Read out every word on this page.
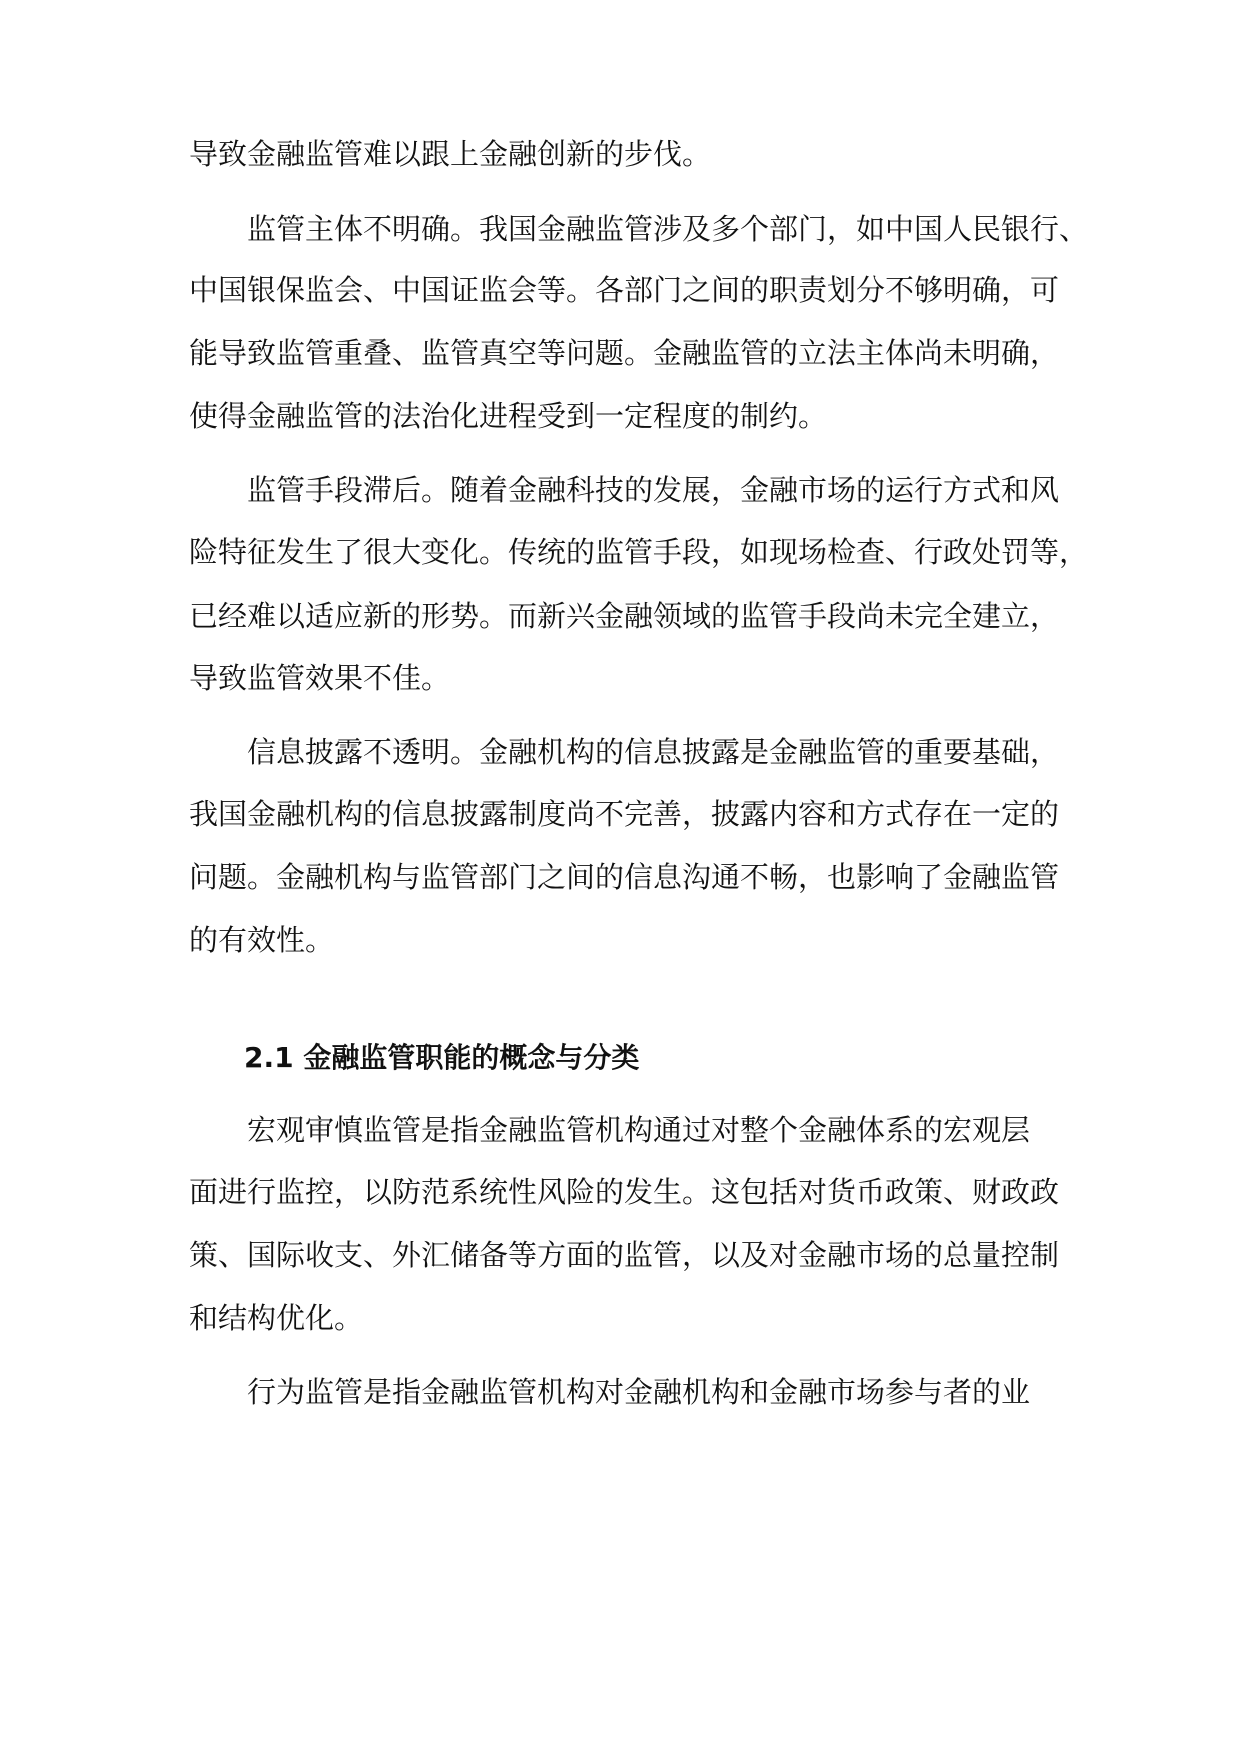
导致金融监管难以跟上金融创新的步伐。
监管主体不明确。我国金融监管涉及多个部门，如中国人民银行、
中国银保监会、中国证监会等。各部门之间的职责划分不够明确，可
能导致监管重叠、监管真空等问题。金融监管的立法主体尚未明确，
使得金融监管的法治化进程受到一定程度的制约。
监管手段滞后。随着金融科技的发展，金融市场的运行方式和风
险特征发生了很大变化。传统的监管手段，如现场检查、行政处罚等，
已经难以适应新的形势。而新兴金融领域的监管手段尚未完全建立，
导致监管效果不佳。
信息披露不透明。金融机构的信息披露是金融监管的重要基础，
我国金融机构的信息披露制度尚不完善，披露内容和方式存在一定的
问题。金融机构与监管部门之间的信息沟通不畅，也影响了金融监管
的有效性。
2.1 金融监管职能的概念与分类
宏观审慎监管是指金融监管机构通过对整个金融体系的宏观层
面进行监控，以防范系统性风险的发生。这包括对货币政策、财政政
策、国际收支、外汇储备等方面的监管，以及对金融市场的总量控制
和结构优化。
行为监管是指金融监管机构对金融机构和金融市场参与者的业
